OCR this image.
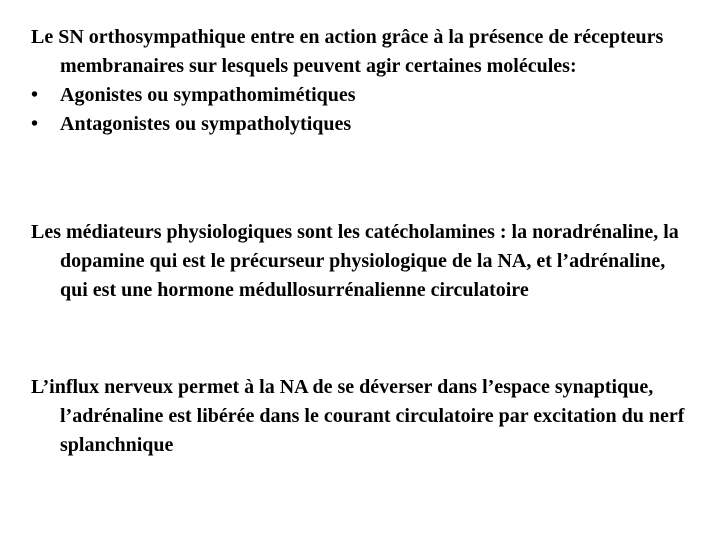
Le SN orthosympathique entre en action grâce à la présence de récepteurs membranaires sur lesquels peuvent agir certaines molécules:

• Agonistes ou sympathomimétiques

• Antagonistes ou sympatholytiques

Les médiateurs physiologiques sont les catécholamines : la noradrénaline, la dopamine qui est le précurseur physiologique de la NA, et l’adrénaline, qui est une hormone médullosurrénalienne circulatoire

L’influx nerveux permet à la NA de se déverser dans l’espace synaptique, l’adrénaline est libérée dans le courant circulatoire par excitation du nerf splanchnique
